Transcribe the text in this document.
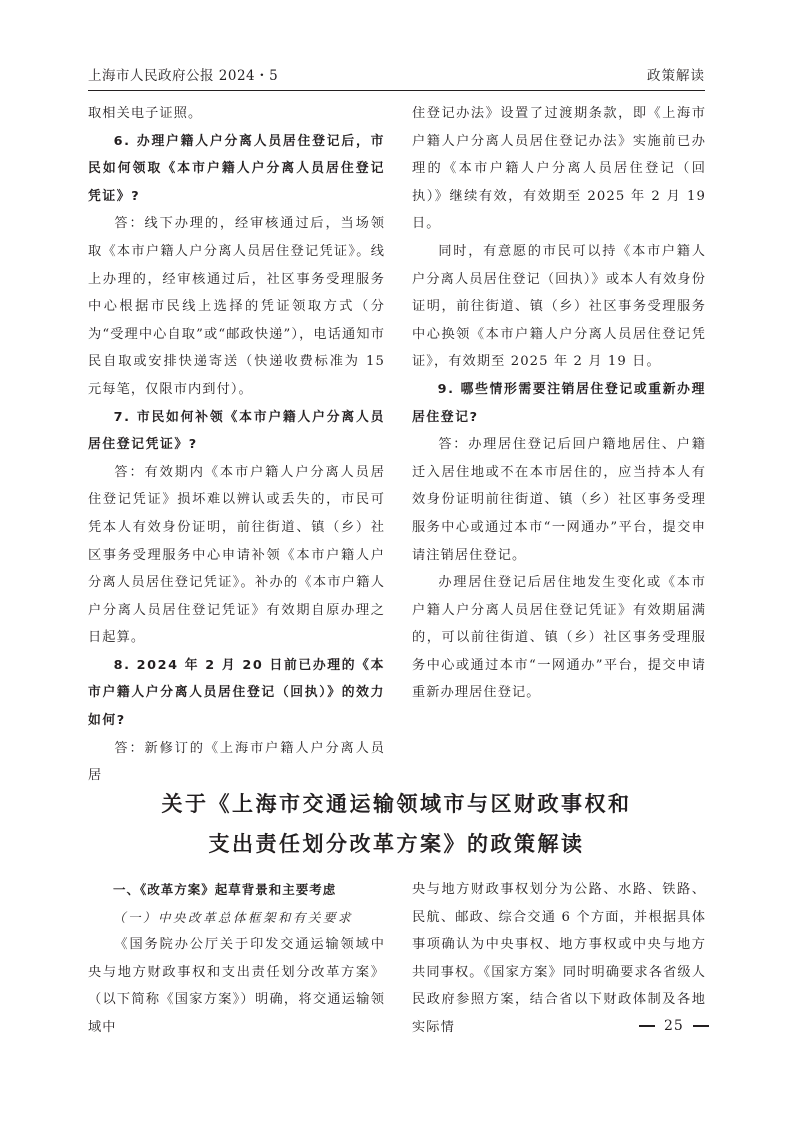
上海市人民政府公报 2024・5	政策解读

取相关电子证照。

6. 办理户籍人户分离人员居住登记后，市民如何领取《本市户籍人户分离人员居住登记凭证》?

答：线下办理的，经审核通过后，当场领取《本市户籍人户分离人员居住登记凭证》。线上办理的，经审核通过后，社区事务受理服务中心根据市民线上选择的凭证领取方式（分为“受理中心自取”或“邮政快递”），电话通知市民自取或安排快递寄送（快递收费标准为 15 元每笔，仅限市内到付）。

7. 市民如何补领《本市户籍人户分离人员居住登记凭证》?

答：有效期内《本市户籍人户分离人员居住登记凭证》损坏难以辨认或丢失的，市民可凭本人有效身份证明，前往街道、镇（乡）社区事务受理服务中心申请补领《本市户籍人户分离人员居住登记凭证》。补办的《本市户籍人户分离人员居住登记凭证》有效期自原办理之日起算。

8. 2024 年 2 月 20 日前已办理的《本市户籍人户分离人员居住登记（回执）》的效力如何?

答：新修订的《上海市户籍人户分离人员居

住登记办法》设置了过渡期条款，即《上海市户籍人户分离人员居住登记办法》实施前已办理的《本市户籍人户分离人员居住登记（回执）》继续有效，有效期至 2025 年 2 月 19 日。

同时，有意愿的市民可以持《本市户籍人户分离人员居住登记（回执）》或本人有效身份证明，前往街道、镇（乡）社区事务受理服务中心换领《本市户籍人户分离人员居住登记凭证》，有效期至 2025 年 2 月 19 日。

9. 哪些情形需要注销居住登记或重新办理居住登记?

答：办理居住登记后回户籍地居住、户籍迁入居住地或不在本市居住的，应当持本人有效身份证明前往街道、镇（乡）社区事务受理服务中心或通过本市“一网通办”平台，提交申请注销居住登记。

办理居住登记后居住地发生变化或《本市户籍人户分离人员居住登记凭证》有效期届满的，可以前往街道、镇（乡）社区事务受理服务中心或通过本市“一网通办”平台，提交申请重新办理居住登记。

关于《上海市交通运输领域市与区财政事权和
支出责任划分改革方案》的政策解读

一、《改革方案》起草背景和主要考虑

（一）中央改革总体框架和有关要求

《国务院办公厅关于印发交通运输领域中央与地方财政事权和支出责任划分改革方案》（以下简称《国家方案》）明确，将交通运输领域中

央与地方财政事权划分为公路、水路、铁路、民航、邮政、综合交通 6 个方面，并根据具体事项确认为中央事权、地方事权或中央与地方共同事权。《国家方案》同时明确要求各省级人民政府参照方案，结合省以下财政体制及各地实际情	25
